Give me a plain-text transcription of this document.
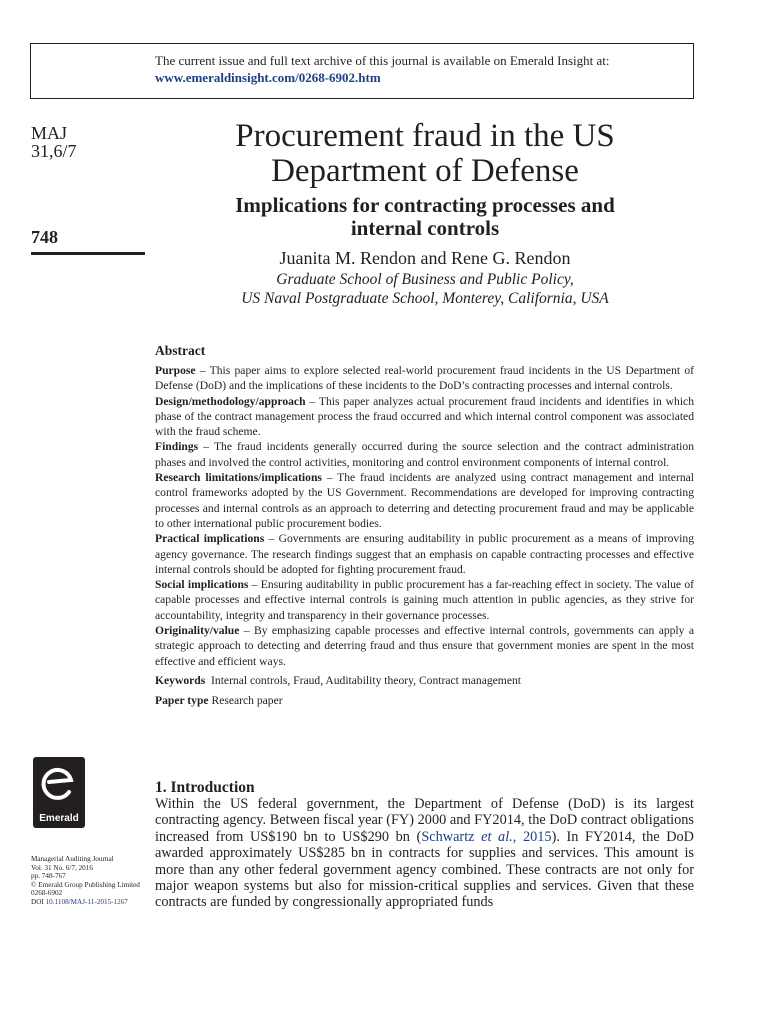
The current issue and full text archive of this journal is available on Emerald Insight at:
www.emeraldinsight.com/0268-6902.htm
MAJ
31,6/7
748
Procurement fraud in the US
Department of Defense
Implications for contracting processes and
internal controls
Juanita M. Rendon and Rene G. Rendon
Graduate School of Business and Public Policy,
US Naval Postgraduate School, Monterey, California, USA
Abstract

Purpose – This paper aims to explore selected real-world procurement fraud incidents in the US Department of Defense (DoD) and the implications of these incidents to the DoD’s contracting processes and internal controls.

Design/methodology/approach – This paper analyzes actual procurement fraud incidents and identifies in which phase of the contract management process the fraud occurred and which internal control component was associated with the fraud scheme.

Findings – The fraud incidents generally occurred during the source selection and the contract administration phases and involved the control activities, monitoring and control environment components of internal control.

Research limitations/implications – The fraud incidents are analyzed using contract management and internal control frameworks adopted by the US Government. Recommendations are developed for improving contracting processes and internal controls as an approach to deterring and detecting procurement fraud and may be applicable to other international public procurement bodies.

Practical implications – Governments are ensuring auditability in public procurement as a means of improving agency governance. The research findings suggest that an emphasis on capable contracting processes and effective internal controls should be adopted for fighting procurement fraud.

Social implications – Ensuring auditability in public procurement has a far-reaching effect in society. The value of capable processes and effective internal controls is gaining much attention in public agencies, as they strive for accountability, integrity and transparency in their governance processes.

Originality/value – By emphasizing capable processes and effective internal controls, governments can apply a strategic approach to detecting and deterring fraud and thus ensure that government monies are spent in the most effective and efficient ways.

Keywords Internal controls, Fraud, Auditability theory, Contract management

Paper type Research paper

1. Introduction

Within the US federal government, the Department of Defense (DoD) is its largest contracting agency. Between fiscal year (FY) 2000 and FY2014, the DoD contract obligations increased from US$190 bn to US$290 bn (Schwartz et al., 2015). In FY2014, the DoD awarded approximately US$285 bn in contracts for supplies and services. This amount is more than any other federal government agency combined. These contracts are not only for major weapon systems but also for mission-critical supplies and services. Given that these contracts are funded by congressionally appropriated funds

Emerald
Managerial Auditing Journal
Vol. 31 No. 6/7, 2016
pp. 748-767
© Emerald Group Publishing Limited
0268-6902
DOI 10.1108/MAJ-11-2015-1267
